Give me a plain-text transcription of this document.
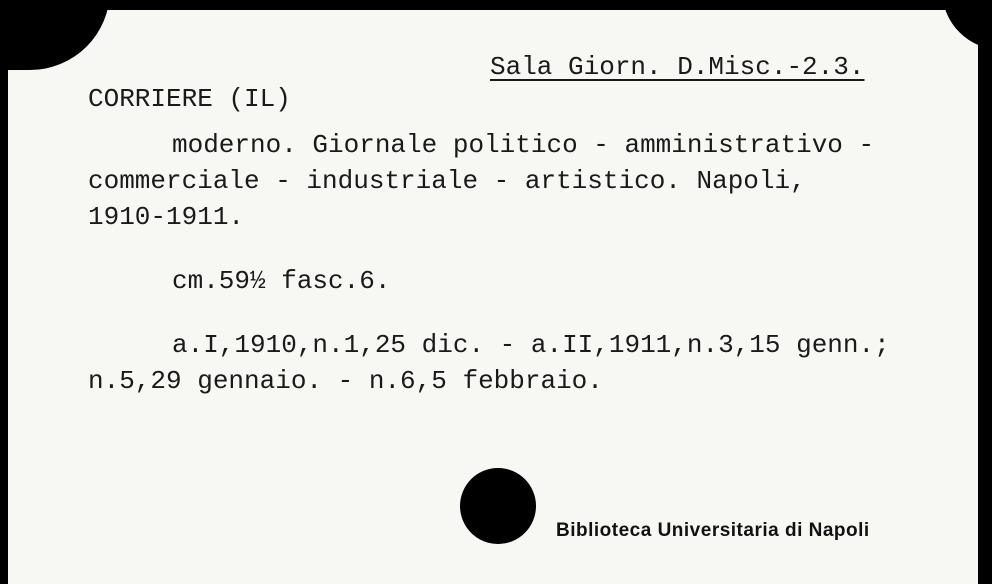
Sala Giorn. D.Misc.-2.3.
CORRIERE (IL)
moderno. Giornale politico - amministrativo -
commerciale - industriale - artistico. Napoli,
1910-1911.
cm.59½ fasc.6.
a.I,1910,n.1,25 dic. - a.II,1911,n.3,15 genn.;
n.5,29 gennaio. - n.6,5 febbraio.
Biblioteca Universitaria di Napoli
